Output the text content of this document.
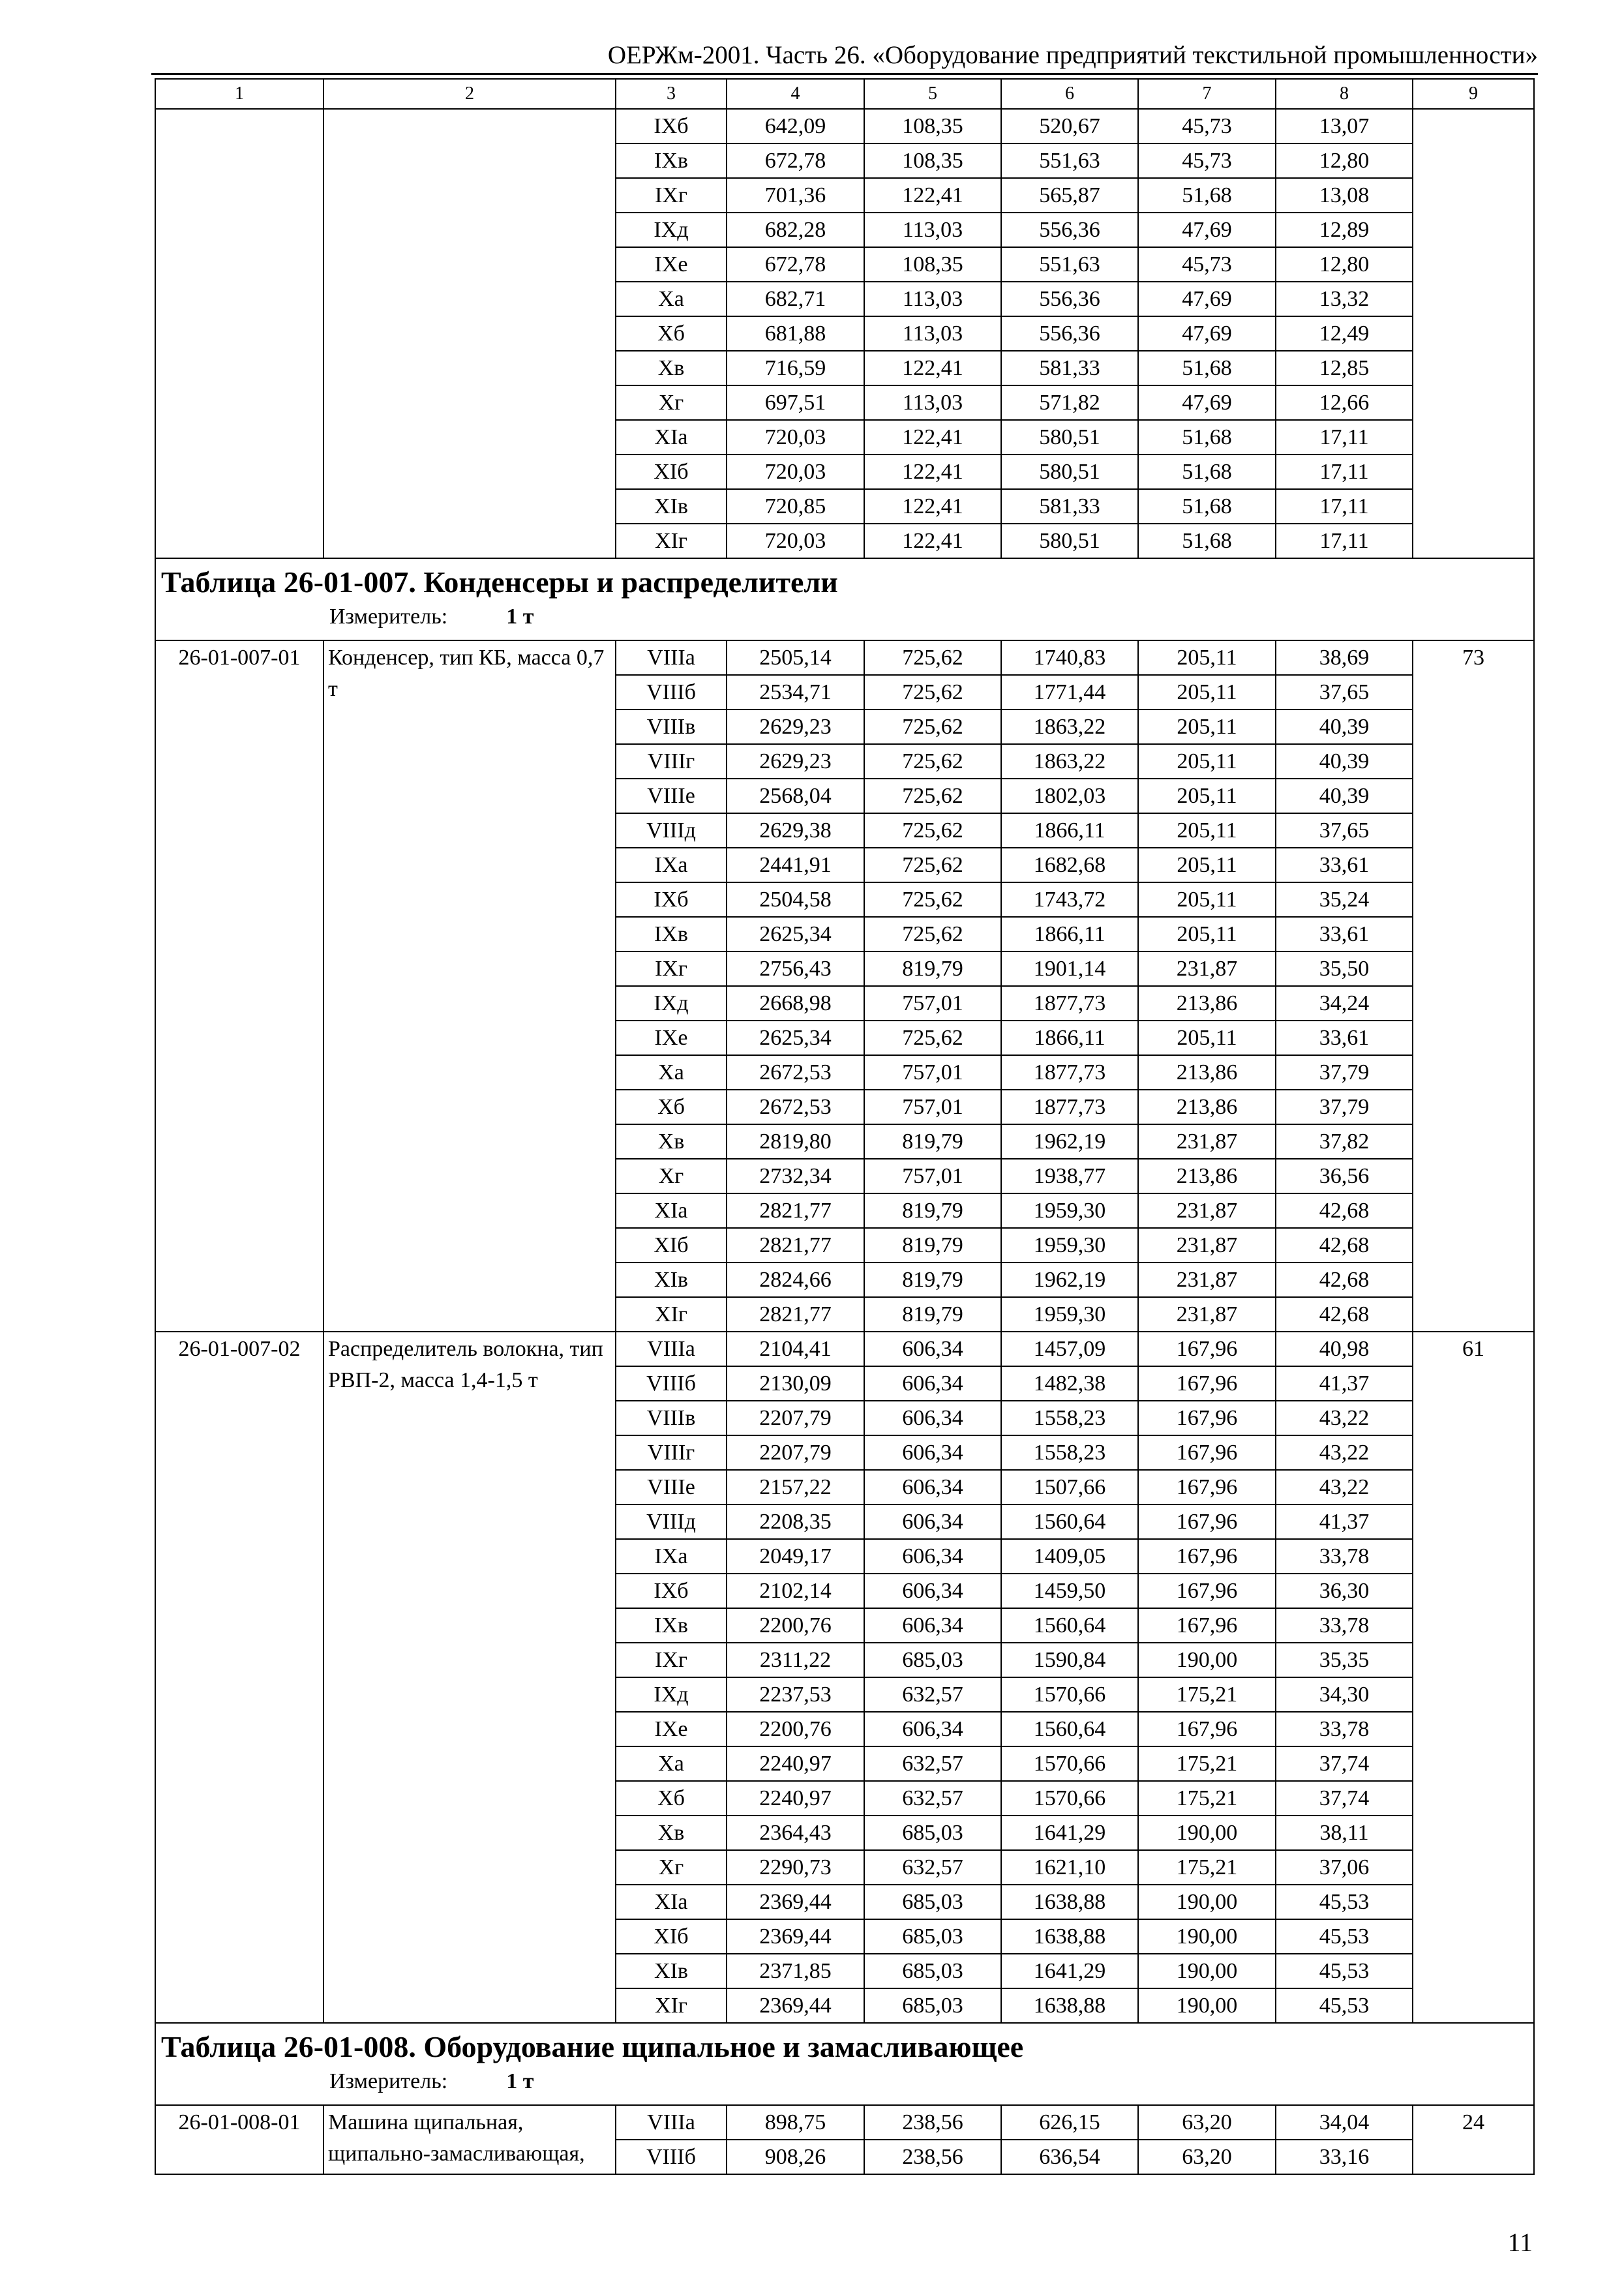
ОЕРЖм-2001. Часть 26. «Оборудование предприятий текстильной промышленности»
1	2	3	4	5	6	7	8	9
		IXб	642,09	108,35	520,67	45,73	13,07	
		IXв	672,78	108,35	551,63	45,73	12,80	
		IXг	701,36	122,41	565,87	51,68	13,08	
		IXд	682,28	113,03	556,36	47,69	12,89	
		IXе	672,78	108,35	551,63	45,73	12,80	
		Xа	682,71	113,03	556,36	47,69	13,32	
		Xб	681,88	113,03	556,36	47,69	12,49	
		Xв	716,59	122,41	581,33	51,68	12,85	
		Xг	697,51	113,03	571,82	47,69	12,66	
		XIа	720,03	122,41	580,51	51,68	17,11	
		XIб	720,03	122,41	580,51	51,68	17,11	
		XIв	720,85	122,41	581,33	51,68	17,11	
		XIг	720,03	122,41	580,51	51,68	17,11	

Таблица 26-01-007. Конденсеры и распределители
Измеритель: 1 т								

26-01-007-01	Конденсер, тип КБ, масса 0,7 т	VIIIа	2505,14	725,62	1740,83	205,11	38,69	73
		VIIIб	2534,71	725,62	1771,44	205,11	37,65	
		VIIIв	2629,23	725,62	1863,22	205,11	40,39	
		VIIIг	2629,23	725,62	1863,22	205,11	40,39	
		VIIIе	2568,04	725,62	1802,03	205,11	40,39	
		VIIIд	2629,38	725,62	1866,11	205,11	37,65	
		IXа	2441,91	725,62	1682,68	205,11	33,61	
		IXб	2504,58	725,62	1743,72	205,11	35,24	
		IXв	2625,34	725,62	1866,11	205,11	33,61	
		IXг	2756,43	819,79	1901,14	231,87	35,50	
		IXд	2668,98	757,01	1877,73	213,86	34,24	
		IXе	2625,34	725,62	1866,11	205,11	33,61	
		Xа	2672,53	757,01	1877,73	213,86	37,79	
		Xб	2672,53	757,01	1877,73	213,86	37,79	
		Xв	2819,80	819,79	1962,19	231,87	37,82	
		Xг	2732,34	757,01	1938,77	213,86	36,56	
		XIа	2821,77	819,79	1959,30	231,87	42,68	
		XIб	2821,77	819,79	1959,30	231,87	42,68	
		XIв	2824,66	819,79	1962,19	231,87	42,68	
		XIг	2821,77	819,79	1959,30	231,87	42,68	
26-01-007-02	Распределитель волокна, тип РВП-2, масса 1,4-1,5 т	VIIIа	2104,41	606,34	1457,09	167,96	40,98	61
		VIIIб	2130,09	606,34	1482,38	167,96	41,37	
		VIIIв	2207,79	606,34	1558,23	167,96	43,22	
		VIIIг	2207,79	606,34	1558,23	167,96	43,22	
		VIIIе	2157,22	606,34	1507,66	167,96	43,22	
		VIIIд	2208,35	606,34	1560,64	167,96	41,37	
		IXа	2049,17	606,34	1409,05	167,96	33,78	
		IXб	2102,14	606,34	1459,50	167,96	36,30	
		IXв	2200,76	606,34	1560,64	167,96	33,78	
		IXг	2311,22	685,03	1590,84	190,00	35,35	
		IXд	2237,53	632,57	1570,66	175,21	34,30	
		IXе	2200,76	606,34	1560,64	167,96	33,78	
		Xа	2240,97	632,57	1570,66	175,21	37,74	
		Xб	2240,97	632,57	1570,66	175,21	37,74	
		Xв	2364,43	685,03	1641,29	190,00	38,11	
		Xг	2290,73	632,57	1621,10	175,21	37,06	
		XIа	2369,44	685,03	1638,88	190,00	45,53	
		XIб	2369,44	685,03	1638,88	190,00	45,53	
		XIв	2371,85	685,03	1641,29	190,00	45,53	
		XIг	2369,44	685,03	1638,88	190,00	45,53	

Таблица 26-01-008. Оборудование щипальное и замасливающее
Измеритель: 1 т								

26-01-008-01	Машина щипальная, щипально-замасливающая,	VIIIа	898,75	238,56	626,15	63,20	34,04	24
		VIIIб	908,26	238,56	636,54	63,20	33,16	
11
